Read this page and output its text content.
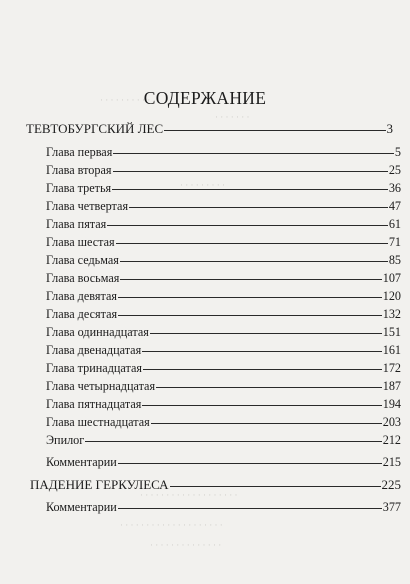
· · · · · · · · · ·
· · · · · · ·
· · · · · · · · ·
· · · · · · · · · · · · · · · · · · ·
· · · · · · · · · · · · · · · · · · · ·
· · · · · · · · · · · · · ·
СОДЕРЖАНИЕ
ТЕВТОБУРГСКИЙ ЛЕС	3
Глава первая	5
Глава вторая	25
Глава третья	36
Глава четвертая	47
Глава пятая	61
Глава шестая	71
Глава седьмая	85
Глава восьмая	107
Глава девятая	120
Глава десятая	132
Глава одиннадцатая	151
Глава двенадцатая	161
Глава тринадцатая	172
Глава четырнадцатая	187
Глава пятнадцатая	194
Глава шестнадцатая	203
Эпилог	212
Комментарии	215
ПАДЕНИЕ ГЕРКУЛЕСА	225
Комментарии	377
